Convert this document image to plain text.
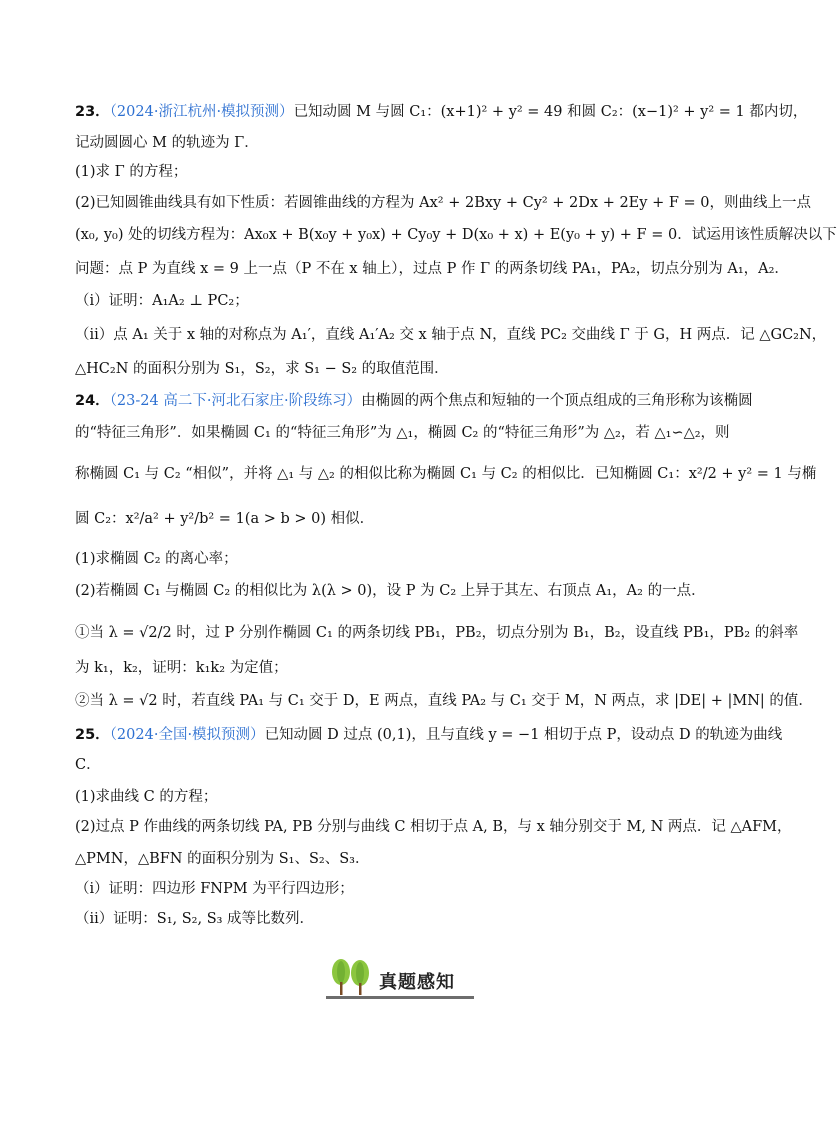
23．（2024·浙江杭州·模拟预测）已知动圆 M 与圆 C₁：(x+1)² + y² = 49 和圆 C₂：(x−1)² + y² = 1 都内切，
记动圆圆心 M 的轨迹为 Γ．
(1)求 Γ 的方程；
(2)已知圆锥曲线具有如下性质：若圆锥曲线的方程为 Ax² + 2Bxy + Cy² + 2Dx + 2Ey + F = 0，则曲线上一点
(x₀, y₀) 处的切线方程为：Ax₀x + B(x₀y + y₀x) + Cy₀y + D(x₀ + x) + E(y₀ + y) + F = 0．试运用该性质解决以下
问题：点 P 为直线 x = 9 上一点（P 不在 x 轴上），过点 P 作 Γ 的两条切线 PA₁，PA₂，切点分别为 A₁，A₂．
（ⅰ）证明：A₁A₂ ⊥ PC₂；
（ⅱ）点 A₁ 关于 x 轴的对称点为 A₁′，直线 A₁′A₂ 交 x 轴于点 N，直线 PC₂ 交曲线 Γ 于 G，H 两点．记 △GC₂N，
△HC₂N 的面积分别为 S₁，S₂，求 S₁ − S₂ 的取值范围．
24．（23-24 高二下·河北石家庄·阶段练习）由椭圆的两个焦点和短轴的一个顶点组成的三角形称为该椭圆
的“特征三角形”．如果椭圆 C₁ 的“特征三角形”为 △₁，椭圆 C₂ 的“特征三角形”为 △₂，若 △₁∽△₂，则
称椭圆 C₁ 与 C₂ “相似”，并将 △₁ 与 △₂ 的相似比称为椭圆 C₁ 与 C₂ 的相似比．已知椭圆 C₁：x²/2 + y² = 1 与椭
圆 C₂：x²/a² + y²/b² = 1(a > b > 0) 相似．
(1)求椭圆 C₂ 的离心率；
(2)若椭圆 C₁ 与椭圆 C₂ 的相似比为 λ(λ > 0)，设 P 为 C₂ 上异于其左、右顶点 A₁，A₂ 的一点．
①当 λ = √2/2 时，过 P 分别作椭圆 C₁ 的两条切线 PB₁，PB₂，切点分别为 B₁，B₂，设直线 PB₁，PB₂ 的斜率
为 k₁，k₂，证明：k₁k₂ 为定值；
②当 λ = √2 时，若直线 PA₁ 与 C₁ 交于 D，E 两点，直线 PA₂ 与 C₁ 交于 M，N 两点，求 |DE| + |MN| 的值．
25．（2024·全国·模拟预测）已知动圆 D 过点 (0,1)，且与直线 y = −1 相切于点 P，设动点 D 的轨迹为曲线
C．
(1)求曲线 C 的方程；
(2)过点 P 作曲线的两条切线 PA, PB 分别与曲线 C 相切于点 A, B，与 x 轴分别交于 M, N 两点．记 △AFM，
△PMN，△BFN 的面积分别为 S₁、S₂、S₃．
（i）证明：四边形 FNPM 为平行四边形；
（ii）证明：S₁, S₂, S₃ 成等比数列．
真题感知
